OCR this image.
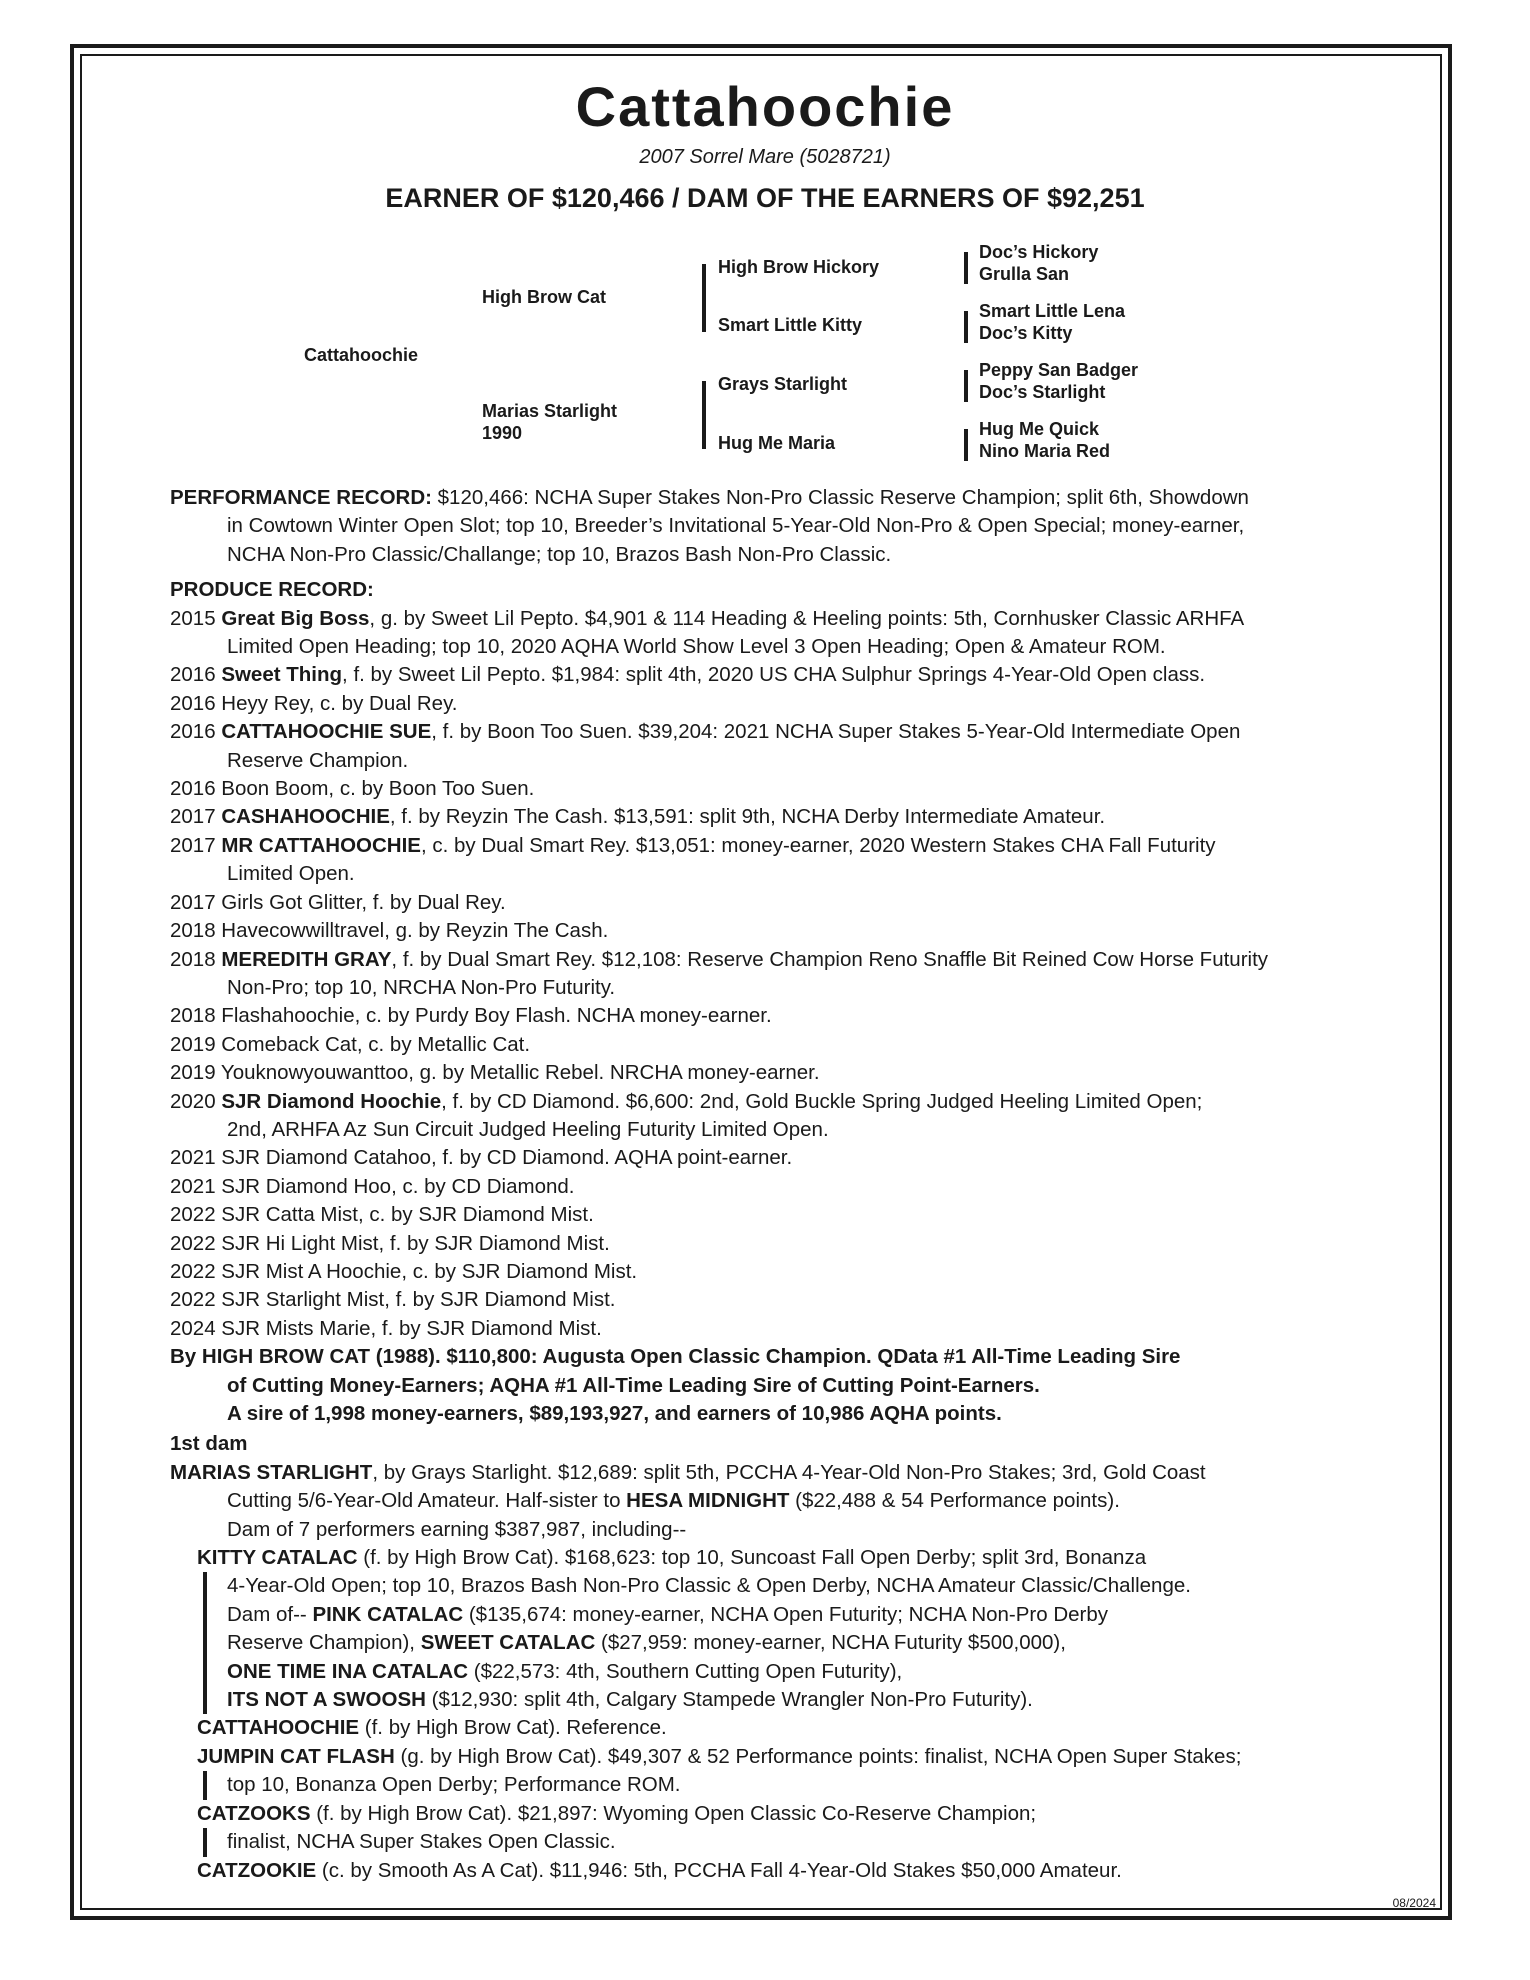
Cattahoochie
2007 Sorrel Mare (5028721)
EARNER OF $120,466 / DAM OF THE EARNERS OF $92,251
Cattahoochie
High Brow Cat
Marias Starlight
1990
High Brow Hickory
Smart Little Kitty
Grays Starlight
Hug Me Maria
Doc’s Hickory
Grulla San
Smart Little Lena
Doc’s Kitty
Peppy San Badger
Doc’s Starlight
Hug Me Quick
Nino Maria Red
PERFORMANCE RECORD: $120,466: NCHA Super Stakes Non-Pro Classic Reserve Champion; split 6th, Showdown
in Cowtown Winter Open Slot; top 10, Breeder’s Invitational 5-Year-Old Non-Pro & Open Special; money-earner,
NCHA Non-Pro Classic/Challange; top 10, Brazos Bash Non-Pro Classic.
PRODUCE RECORD:
2015 Great Big Boss, g. by Sweet Lil Pepto. $4,901 & 114 Heading & Heeling points: 5th, Cornhusker Classic ARHFA
Limited Open Heading; top 10, 2020 AQHA World Show Level 3 Open Heading; Open & Amateur ROM.
2016 Sweet Thing, f. by Sweet Lil Pepto. $1,984: split 4th, 2020 US CHA Sulphur Springs 4-Year-Old Open class.
2016 Heyy Rey, c. by Dual Rey.
2016 CATTAHOOCHIE SUE, f. by Boon Too Suen. $39,204: 2021 NCHA Super Stakes 5-Year-Old Intermediate Open
Reserve Champion.
2016 Boon Boom, c. by Boon Too Suen.
2017 CASHAHOOCHIE, f. by Reyzin The Cash. $13,591: split 9th, NCHA Derby Intermediate Amateur.
2017 MR CATTAHOOCHIE, c. by Dual Smart Rey. $13,051: money-earner, 2020 Western Stakes CHA Fall Futurity
Limited Open.
2017 Girls Got Glitter, f. by Dual Rey.
2018 Havecowwilltravel, g. by Reyzin The Cash.
2018 MEREDITH GRAY, f. by Dual Smart Rey. $12,108: Reserve Champion Reno Snaffle Bit Reined Cow Horse Futurity
Non-Pro; top 10, NRCHA Non-Pro Futurity.
2018 Flashahoochie, c. by Purdy Boy Flash. NCHA money-earner.
2019 Comeback Cat, c. by Metallic Cat.
2019 Youknowyouwanttoo, g. by Metallic Rebel. NRCHA money-earner.
2020 SJR Diamond Hoochie, f. by CD Diamond. $6,600: 2nd, Gold Buckle Spring Judged Heeling Limited Open;
2nd, ARHFA Az Sun Circuit Judged Heeling Futurity Limited Open.
2021 SJR Diamond Catahoo, f. by CD Diamond. AQHA point-earner.
2021 SJR Diamond Hoo, c. by CD Diamond.
2022 SJR Catta Mist, c. by SJR Diamond Mist.
2022 SJR Hi Light Mist, f. by SJR Diamond Mist.
2022 SJR Mist A Hoochie, c. by SJR Diamond Mist.
2022 SJR Starlight Mist, f. by SJR Diamond Mist.
2024 SJR Mists Marie, f. by SJR Diamond Mist.
By HIGH BROW CAT (1988). $110,800: Augusta Open Classic Champion. QData #1 All-Time Leading Sire
of Cutting Money-Earners; AQHA #1 All-Time Leading Sire of Cutting Point-Earners.
A sire of 1,998 money-earners, $89,193,927, and earners of 10,986 AQHA points.
1st dam
MARIAS STARLIGHT, by Grays Starlight. $12,689: split 5th, PCCHA 4-Year-Old Non-Pro Stakes; 3rd, Gold Coast
Cutting 5/6-Year-Old Amateur. Half-sister to HESA MIDNIGHT ($22,488 & 54 Performance points).
Dam of 7 performers earning $387,987, including--
KITTY CATALAC (f. by High Brow Cat). $168,623: top 10, Suncoast Fall Open Derby; split 3rd, Bonanza
4-Year-Old Open; top 10, Brazos Bash Non-Pro Classic & Open Derby, NCHA Amateur Classic/Challenge.
Dam of-- PINK CATALAC ($135,674: money-earner, NCHA Open Futurity; NCHA Non-Pro Derby
Reserve Champion), SWEET CATALAC ($27,959: money-earner, NCHA Futurity $500,000),
ONE TIME INA CATALAC ($22,573: 4th, Southern Cutting Open Futurity),
ITS NOT A SWOOSH ($12,930: split 4th, Calgary Stampede Wrangler Non-Pro Futurity).
CATTAHOOCHIE (f. by High Brow Cat). Reference.
JUMPIN CAT FLASH (g. by High Brow Cat). $49,307 & 52 Performance points: finalist, NCHA Open Super Stakes;
top 10, Bonanza Open Derby; Performance ROM.
CATZOOKS (f. by High Brow Cat). $21,897: Wyoming Open Classic Co-Reserve Champion;
finalist, NCHA Super Stakes Open Classic.
CATZOOKIE (c. by Smooth As A Cat). $11,946: 5th, PCCHA Fall 4-Year-Old Stakes $50,000 Amateur.
08/2024
